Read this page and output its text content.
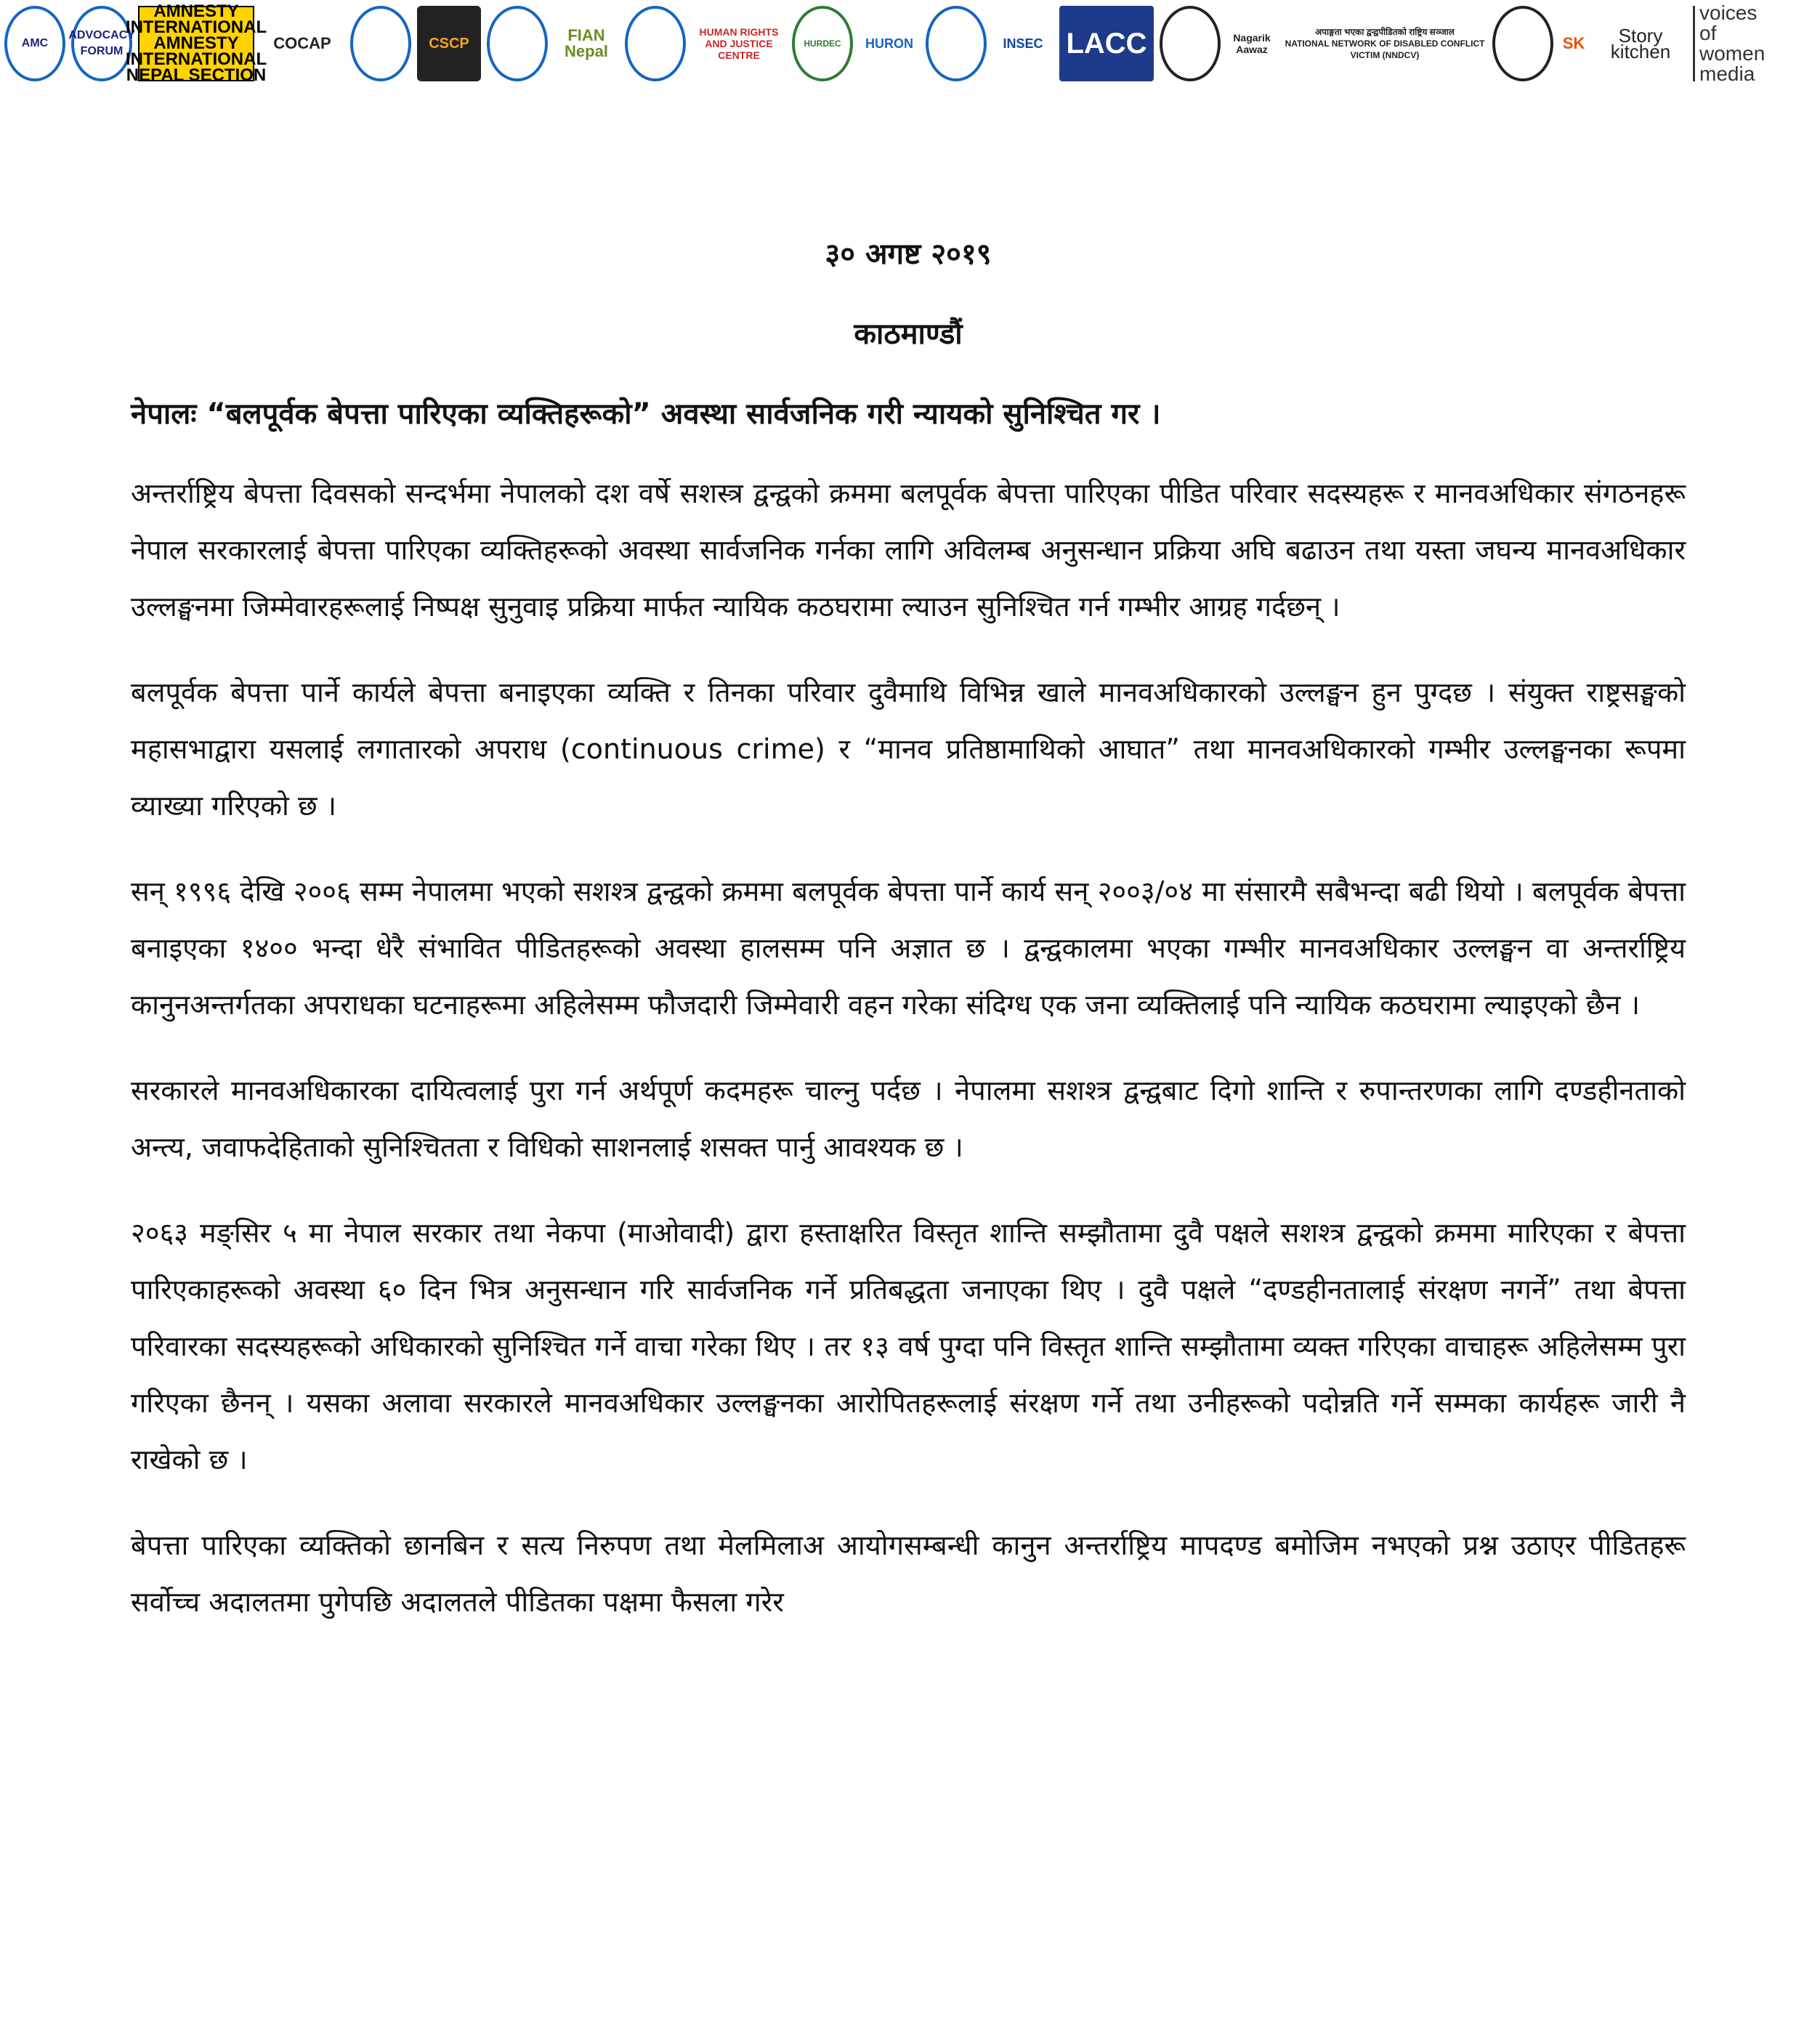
AMC
ADVOCACY FORUM
AMNESTY INTERNATIONAL
AMNESTY INTERNATIONAL NEPAL SECTION
COCAP	CSCP	FIAN
Nepal
HUMAN RIGHTS AND JUSTICE CENTRE
HURDEC	HURON	INSEC LACC	Nagarik Aawaz
अपाङ्गता भएका द्वन्द्वपीडितको राष्ट्रिय सञ्जाल
NATIONAL NETWORK OF DISABLED CONFLICT VICTIM (NNDCV)
SK	Story kitchen
voices
of women
media
३० अगष्ट २०१९
काठमाण्डौं
नेपालः “बलपूर्वक बेपत्ता पारिएका व्यक्तिहरूको” अवस्था सार्वजनिक गरी न्यायको सुनिश्चित गर ।

अन्तर्राष्ट्रिय बेपत्ता दिवसको सन्दर्भमा नेपालको दश वर्षे सशस्त्र द्वन्द्वको क्रममा बलपूर्वक बेपत्ता पारिएका पीडित परिवार सदस्यहरू र मानवअधिकार संगठनहरू नेपाल सरकारलाई बेपत्ता पारिएका व्यक्तिहरूको अवस्था सार्वजनिक गर्नका लागि अविलम्ब अनुसन्धान प्रक्रिया अघि बढाउन तथा यस्ता जघन्य मानवअधिकार उल्लङ्घनमा जिम्मेवारहरूलाई निष्पक्ष सुनुवाइ प्रक्रिया मार्फत न्यायिक कठघरामा ल्याउन सुनिश्चित गर्न गम्भीर आग्रह गर्दछन् ।

बलपूर्वक बेपत्ता पार्ने कार्यले बेपत्ता बनाइएका व्यक्ति र तिनका परिवार दुवैमाथि विभिन्न खाले मानवअधिकारको उल्लङ्घन हुन पुग्दछ । संयुक्त राष्ट्रसङ्घको महासभाद्वारा यसलाई लगातारको अपराध (continuous crime) र “मानव प्रतिष्ठामाथिको आघात” तथा मानवअधिकारको गम्भीर उल्लङ्घनका रूपमा व्याख्या गरिएको छ ।

सन् १९९६ देखि २००६ सम्म नेपालमा भएको सशश्त्र द्वन्द्वको क्रममा बलपूर्वक बेपत्ता पार्ने कार्य सन् २००३/०४ मा संसारमै सबैभन्दा बढी थियो । बलपूर्वक बेपत्ता बनाइएका १४०० भन्दा धेरै संभावित पीडितहरूको अवस्था हालसम्म पनि अज्ञात छ । द्वन्द्वकालमा भएका गम्भीर मानवअधिकार उल्लङ्घन वा अन्तर्राष्ट्रिय कानुनअन्तर्गतका अपराधका घटनाहरूमा अहिलेसम्म फौजदारी जिम्मेवारी वहन गरेका संदिग्ध एक जना व्यक्तिलाई पनि न्यायिक कठघरामा ल्याइएको छैन ।

सरकारले मानवअधिकारका दायित्वलाई पुरा गर्न अर्थपूर्ण कदमहरू चाल्नु पर्दछ । नेपालमा सशश्त्र द्वन्द्वबाट दिगो शान्ति र रुपान्तरणका लागि दण्डहीनताको अन्त्य, जवाफदेहिताको सुनिश्चितता र विधिको साशनलाई शसक्त पार्नु आवश्यक छ ।

२०६३ मङ्सिर ५ मा नेपाल सरकार तथा नेकपा (माओवादी) द्वारा हस्ताक्षरित विस्तृत शान्ति सम्झौतामा दुवै पक्षले सशश्त्र द्वन्द्वको क्रममा मारिएका र बेपत्ता पारिएकाहरूको अवस्था ६० दिन भित्र अनुसन्धान गरि सार्वजनिक गर्ने प्रतिबद्धता जनाएका थिए । दुवै पक्षले “दण्डहीनतालाई संरक्षण नगर्ने” तथा बेपत्ता परिवारका सदस्यहरूको अधिकारको सुनिश्चित गर्ने वाचा गरेका थिए । तर १३ वर्ष पुग्दा पनि विस्तृत शान्ति सम्झौतामा व्यक्त गरिएका वाचाहरू अहिलेसम्म पुरा गरिएका छैनन् । यसका अलावा सरकारले मानवअधिकार उल्लङ्घनका आरोपितहरूलाई संरक्षण गर्ने तथा उनीहरूको पदोन्नति गर्ने सम्मका कार्यहरू जारी नै राखेको छ ।

बेपत्ता पारिएका व्यक्तिको छानबिन र सत्य निरुपण तथा मेलमिलाअ आयोगसम्बन्धी कानुन अन्तर्राष्ट्रिय मापदण्ड बमोजिम नभएको प्रश्न उठाएर पीडितहरू सर्वोच्च अदालतमा पुगेपछि अदालतले पीडितका पक्षमा फैसला गरेर
